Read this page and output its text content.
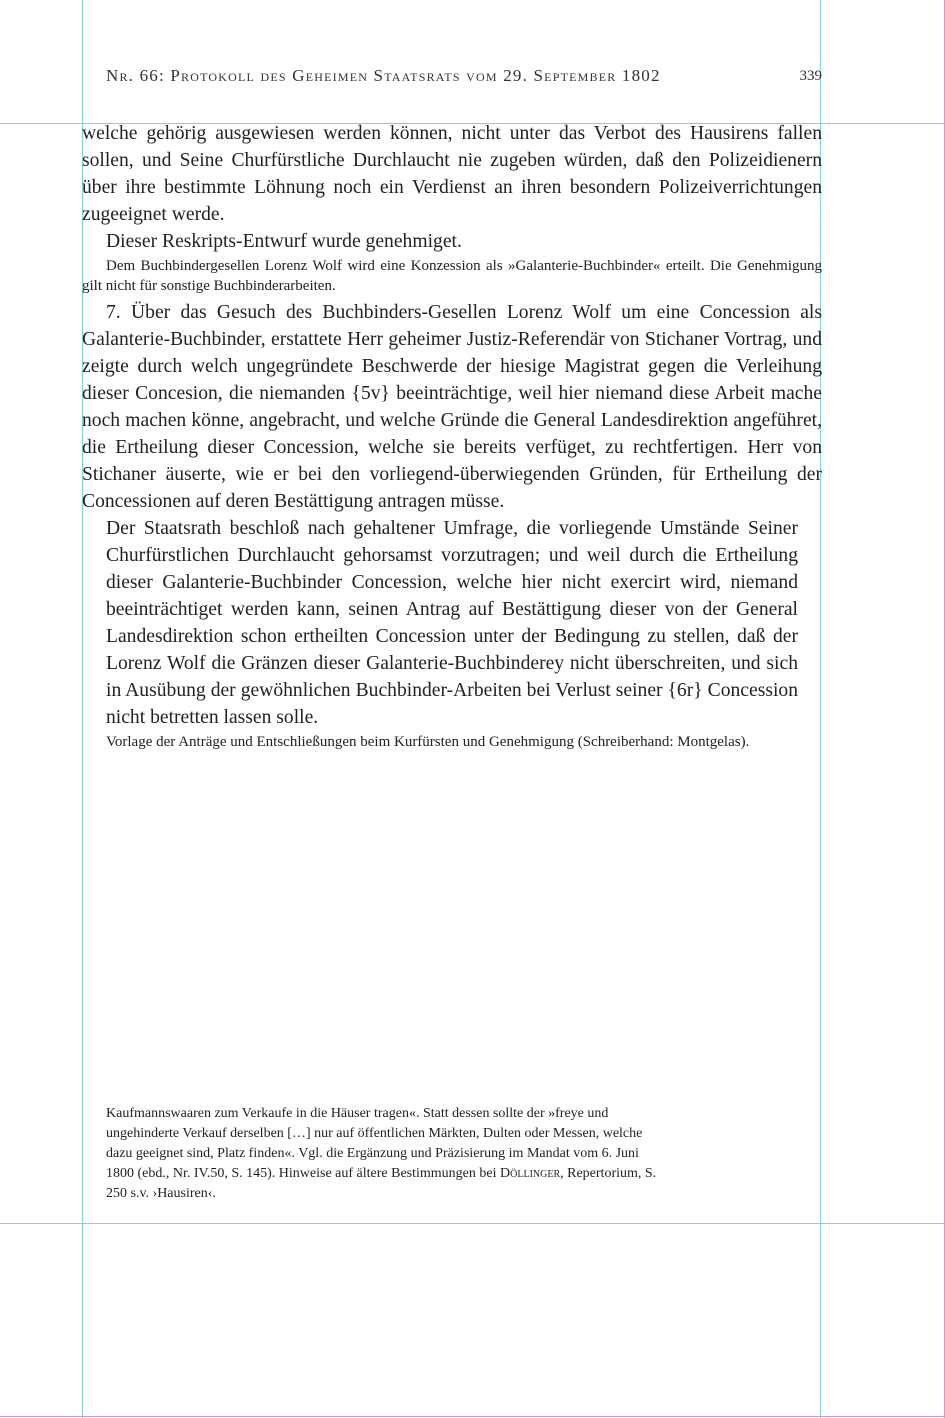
Nr. 66: Protokoll des Geheimen Staatsrats vom 29. September 1802	339

welche gehörig ausgewiesen werden können, nicht unter das Verbot des Hausirens fallen sollen, und Seine Churfürstliche Durchlaucht nie zugeben würden, daß den Polizeidienern über ihre bestimmte Löhnung noch ein Verdienst an ihren besondern Polizeiverrichtungen zugeeignet werde.

Dieser Reskripts-Entwurf wurde genehmiget.

Dem Buchbindergesellen Lorenz Wolf wird eine Konzession als »Galanterie-Buchbinder« erteilt. Die Genehmigung gilt nicht für sonstige Buchbinderarbeiten.

7. Über das Gesuch des Buchbinders-Gesellen Lorenz Wolf um eine Concession als Galanterie-Buchbinder, erstattete Herr geheimer Justiz-Referendär von Stichaner Vortrag, und zeigte durch welch ungegründete Beschwerde der hiesige Magistrat gegen die Verleihung dieser Concesion, die niemanden {5v} beeinträchtige, weil hier niemand diese Arbeit mache noch machen könne, angebracht, und welche Gründe die General Landesdirektion angeführet, die Ertheilung dieser Concession, welche sie bereits verfüget, zu rechtfertigen. Herr von Stichaner äuserte, wie er bei den vorliegend-überwiegenden Gründen, für Ertheilung der Concessionen auf deren Bestättigung antragen müsse.

Der Staatsrath beschloß nach gehaltener Umfrage, die vorliegende Umstände Seiner Churfürstlichen Durchlaucht gehorsamst vorzutragen; und weil durch die Ertheilung dieser Galanterie-Buchbinder Concession, welche hier nicht exercirt wird, niemand beeinträchtiget werden kann, seinen Antrag auf Bestättigung dieser von der General Landesdirektion schon ertheilten Concession unter der Bedingung zu stellen, daß der Lorenz Wolf die Gränzen dieser Galanterie-Buchbinderey nicht überschreiten, und sich in Ausübung der gewöhnlichen Buchbinder-Arbeiten bei Verlust seiner {6r} Concession nicht betretten lassen solle.

Vorlage der Anträge und Entschließungen beim Kurfürsten und Genehmigung (Schreiberhand: Montgelas).

Kaufmannswaaren zum Verkaufe in die Häuser tragen«. Statt dessen sollte der »freye und ungehinderte Verkauf derselben […] nur auf öffentlichen Märkten, Dulten oder Messen, welche dazu geeignet sind, Platz finden«. Vgl. die Ergänzung und Präzisierung im Mandat vom 6. Juni 1800 (ebd., Nr. IV.50, S. 145). Hinweise auf ältere Bestimmungen bei Döllinger, Repertorium, S. 250 s.v. ›Hausiren‹.
